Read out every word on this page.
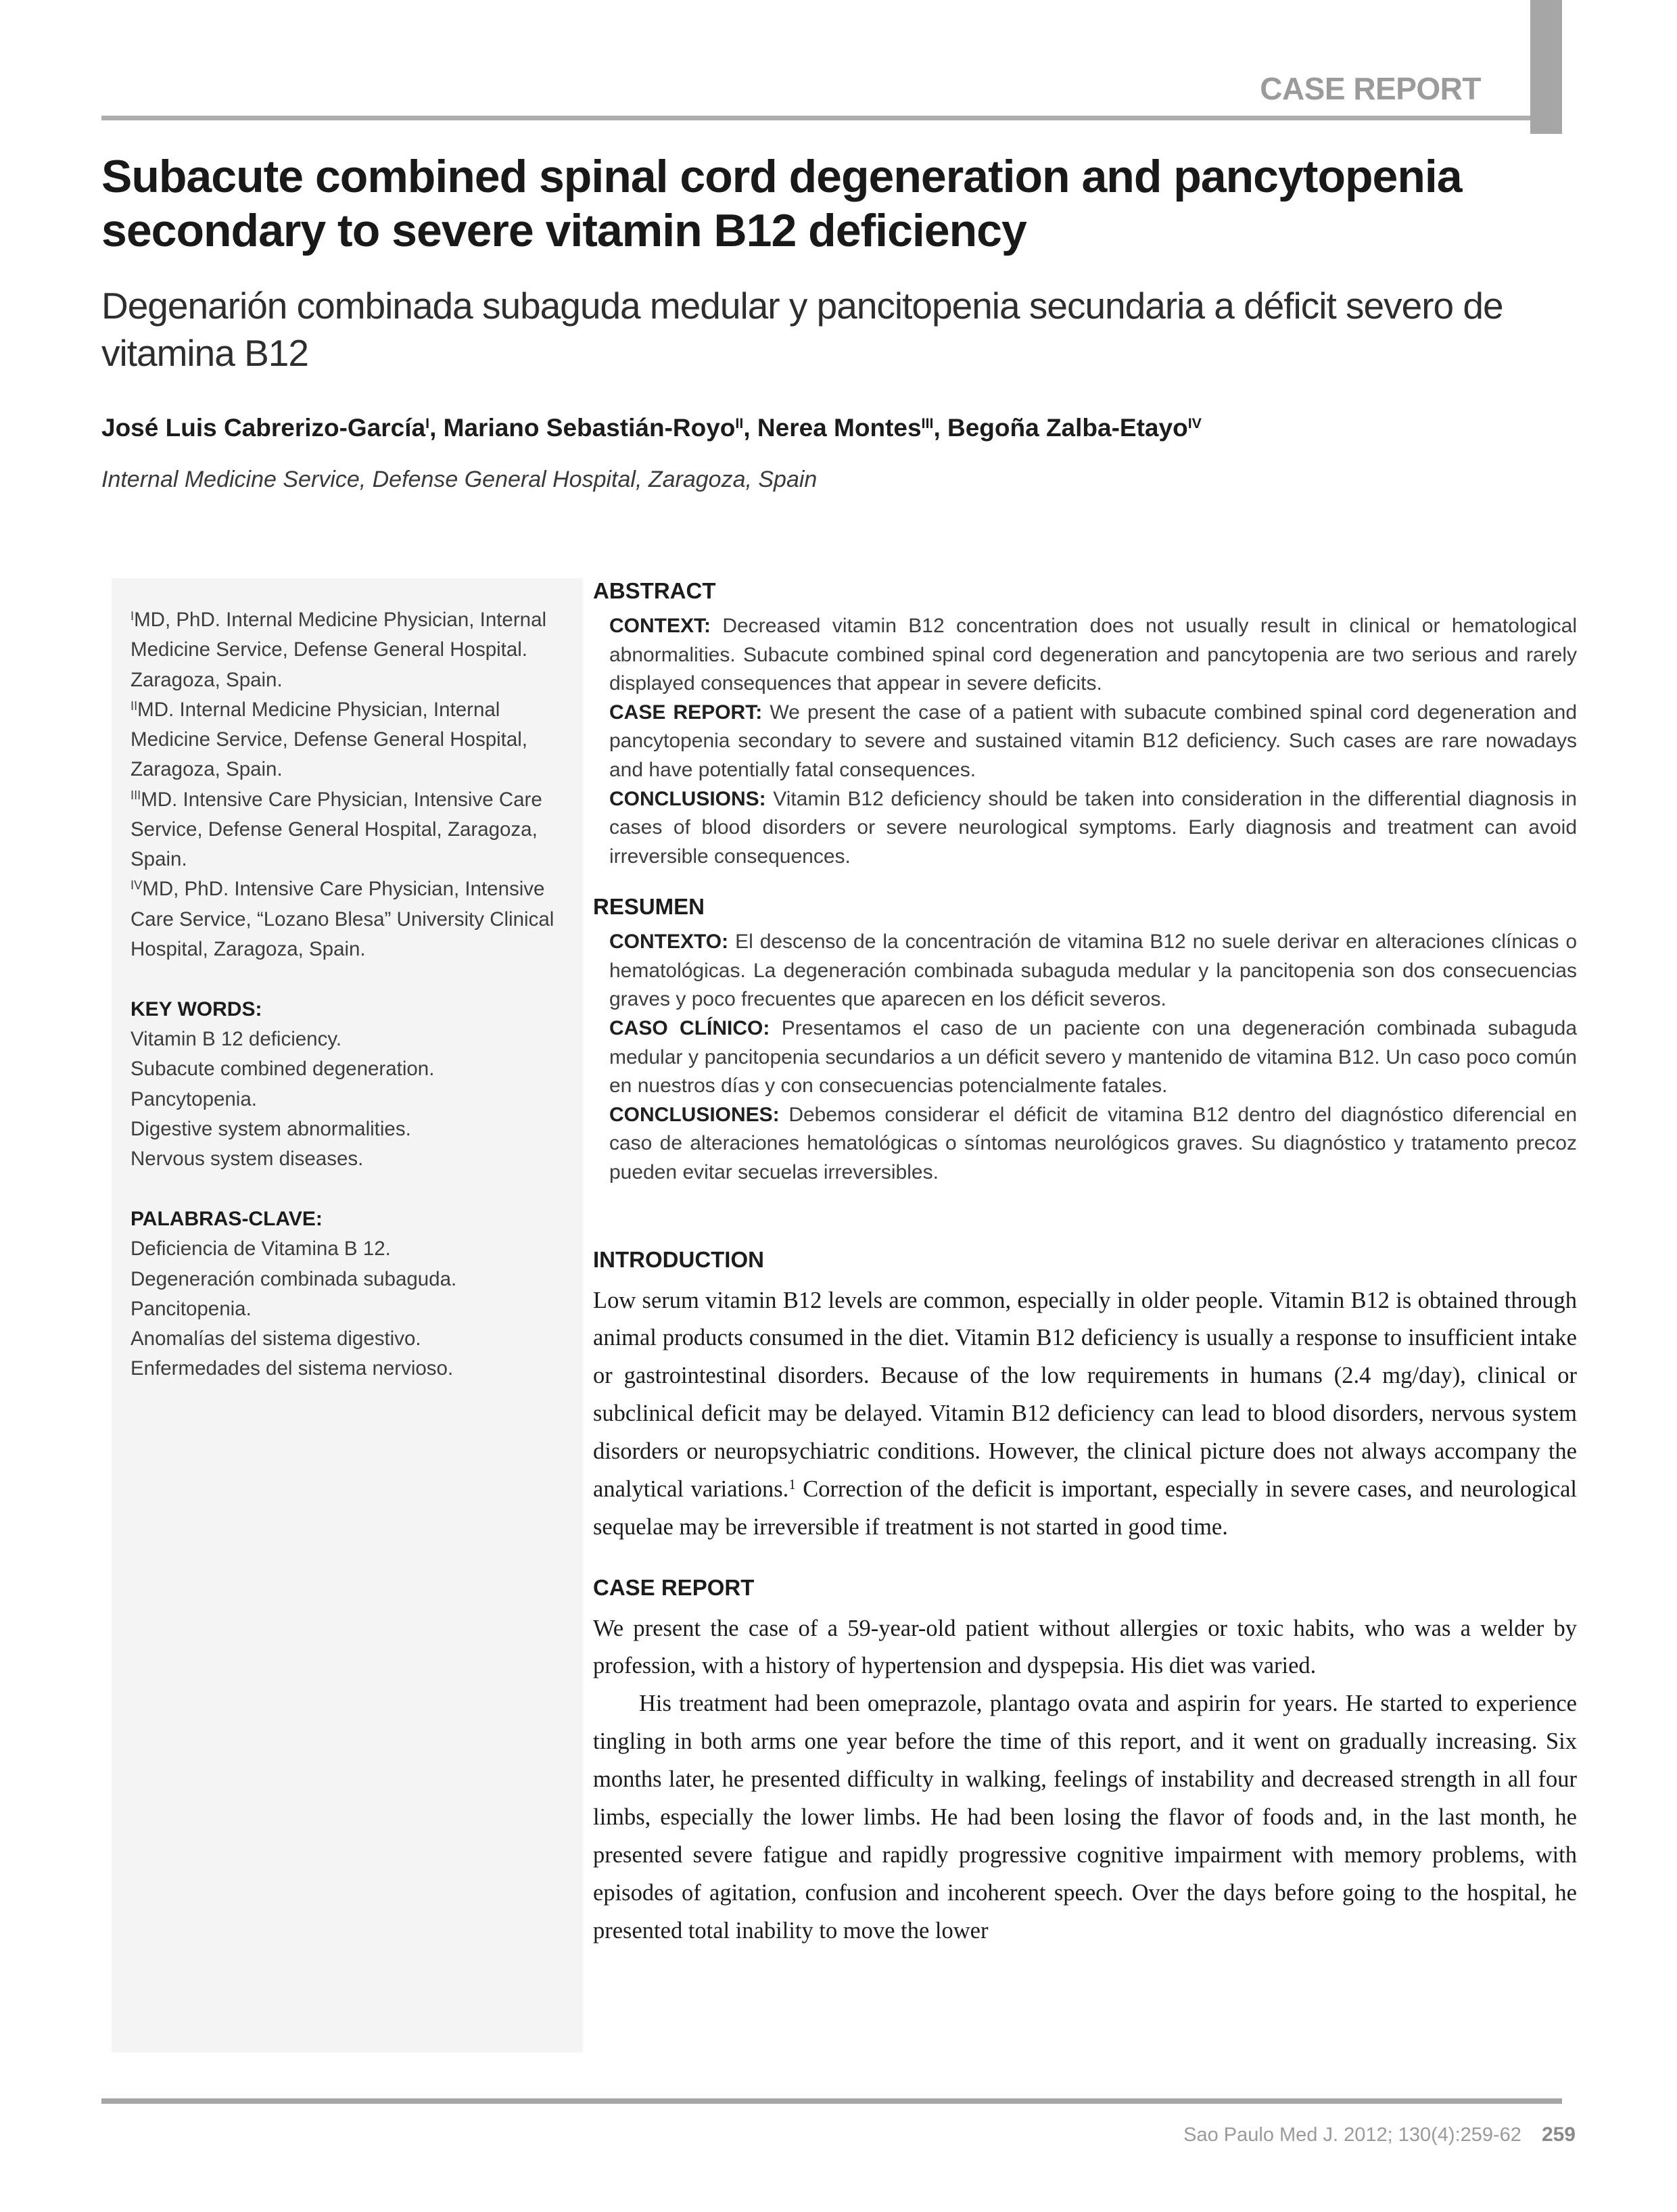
CASE REPORT
Subacute combined spinal cord degeneration and pancytopenia secondary to severe vitamin B12 deficiency
Degenarión combinada subaguda medular y pancitopenia secundaria a déficit severo de vitamina B12
José Luis Cabrerizo-García$^I$, Mariano Sebastián-Royo$^{II}$, Nerea Montes$^{III}$, Begoña Zalba-Etayo$^{IV}$
Internal Medicine Service, Defense General Hospital, Zaragoza, Spain

$^I$MD, PhD. Internal Medicine Physician, Internal Medicine Service, Defense General Hospital. Zaragoza, Spain.

$^{II}$MD. Internal Medicine Physician, Internal Medicine Service, Defense General Hospital, Zaragoza, Spain.

$^{III}$MD. Intensive Care Physician, Intensive Care Service, Defense General Hospital, Zaragoza, Spain.

$^{IV}$MD, PhD. Intensive Care Physician, Intensive Care Service, “Lozano Blesa” University Clinical Hospital, Zaragoza, Spain.

KEY WORDS:
Vitamin B 12 deficiency.
Subacute combined degeneration.
Pancytopenia.
Digestive system abnormalities.
Nervous system diseases.
PALABRAS-CLAVE:
Deficiencia de Vitamina B 12.
Degeneración combinada subaguda.
Pancitopenia.
Anomalías del sistema digestivo.
Enfermedades del sistema nervioso.
ABSTRACT

CONTEXT: Decreased vitamin B12 concentration does not usually result in clinical or hematological abnormalities. Subacute combined spinal cord degeneration and pancytopenia are two serious and rarely displayed consequences that appear in severe deficits.

CASE REPORT: We present the case of a patient with subacute combined spinal cord degeneration and pancytopenia secondary to severe and sustained vitamin B12 deficiency. Such cases are rare nowadays and have potentially fatal consequences.

CONCLUSIONS: Vitamin B12 deficiency should be taken into consideration in the differential diagnosis in cases of blood disorders or severe neurological symptoms. Early diagnosis and treatment can avoid irreversible consequences.

RESUMEN

CONTEXTO: El descenso de la concentración de vitamina B12 no suele derivar en alteraciones clínicas o hematológicas. La degeneración combinada subaguda medular y la pancitopenia son dos consecuencias graves y poco frecuentes que aparecen en los déficit severos.

CASO CLÍNICO: Presentamos el caso de un paciente con una degeneración combinada subaguda medular y pancitopenia secundarios a un déficit severo y mantenido de vitamina B12. Un caso poco común en nuestros días y con consecuencias potencialmente fatales.

CONCLUSIONES: Debemos considerar el déficit de vitamina B12 dentro del diagnóstico diferencial en caso de alteraciones hematológicas o síntomas neurológicos graves. Su diagnóstico y tratamento precoz pueden evitar secuelas irreversibles.

INTRODUCTION

Low serum vitamin B12 levels are common, especially in older people. Vitamin B12 is obtained through animal products consumed in the diet. Vitamin B12 deficiency is usually a response to insufficient intake or gastrointestinal disorders. Because of the low requirements in humans (2.4 mg/day), clinical or subclinical deficit may be delayed. Vitamin B12 deficiency can lead to blood disorders, nervous system disorders or neuropsychiatric conditions. However, the clinical picture does not always accompany the analytical variations.$^1$ Correction of the deficit is important, especially in severe cases, and neurological sequelae may be irreversible if treatment is not started in good time.

CASE REPORT

We present the case of a 59-year-old patient without allergies or toxic habits, who was a welder by profession, with a history of hypertension and dyspepsia. His diet was varied.

His treatment had been omeprazole, plantago ovata and aspirin for years. He started to experience tingling in both arms one year before the time of this report, and it went on gradually increasing. Six months later, he presented difficulty in walking, feelings of instability and decreased strength in all four limbs, especially the lower limbs. He had been losing the flavor of foods and, in the last month, he presented severe fatigue and rapidly progressive cognitive impairment with memory problems, with episodes of agitation, confusion and incoherent speech. Over the days before going to the hospital, he presented total inability to move the lower

Sao Paulo Med J. 2012; 130(4):259-62 259
